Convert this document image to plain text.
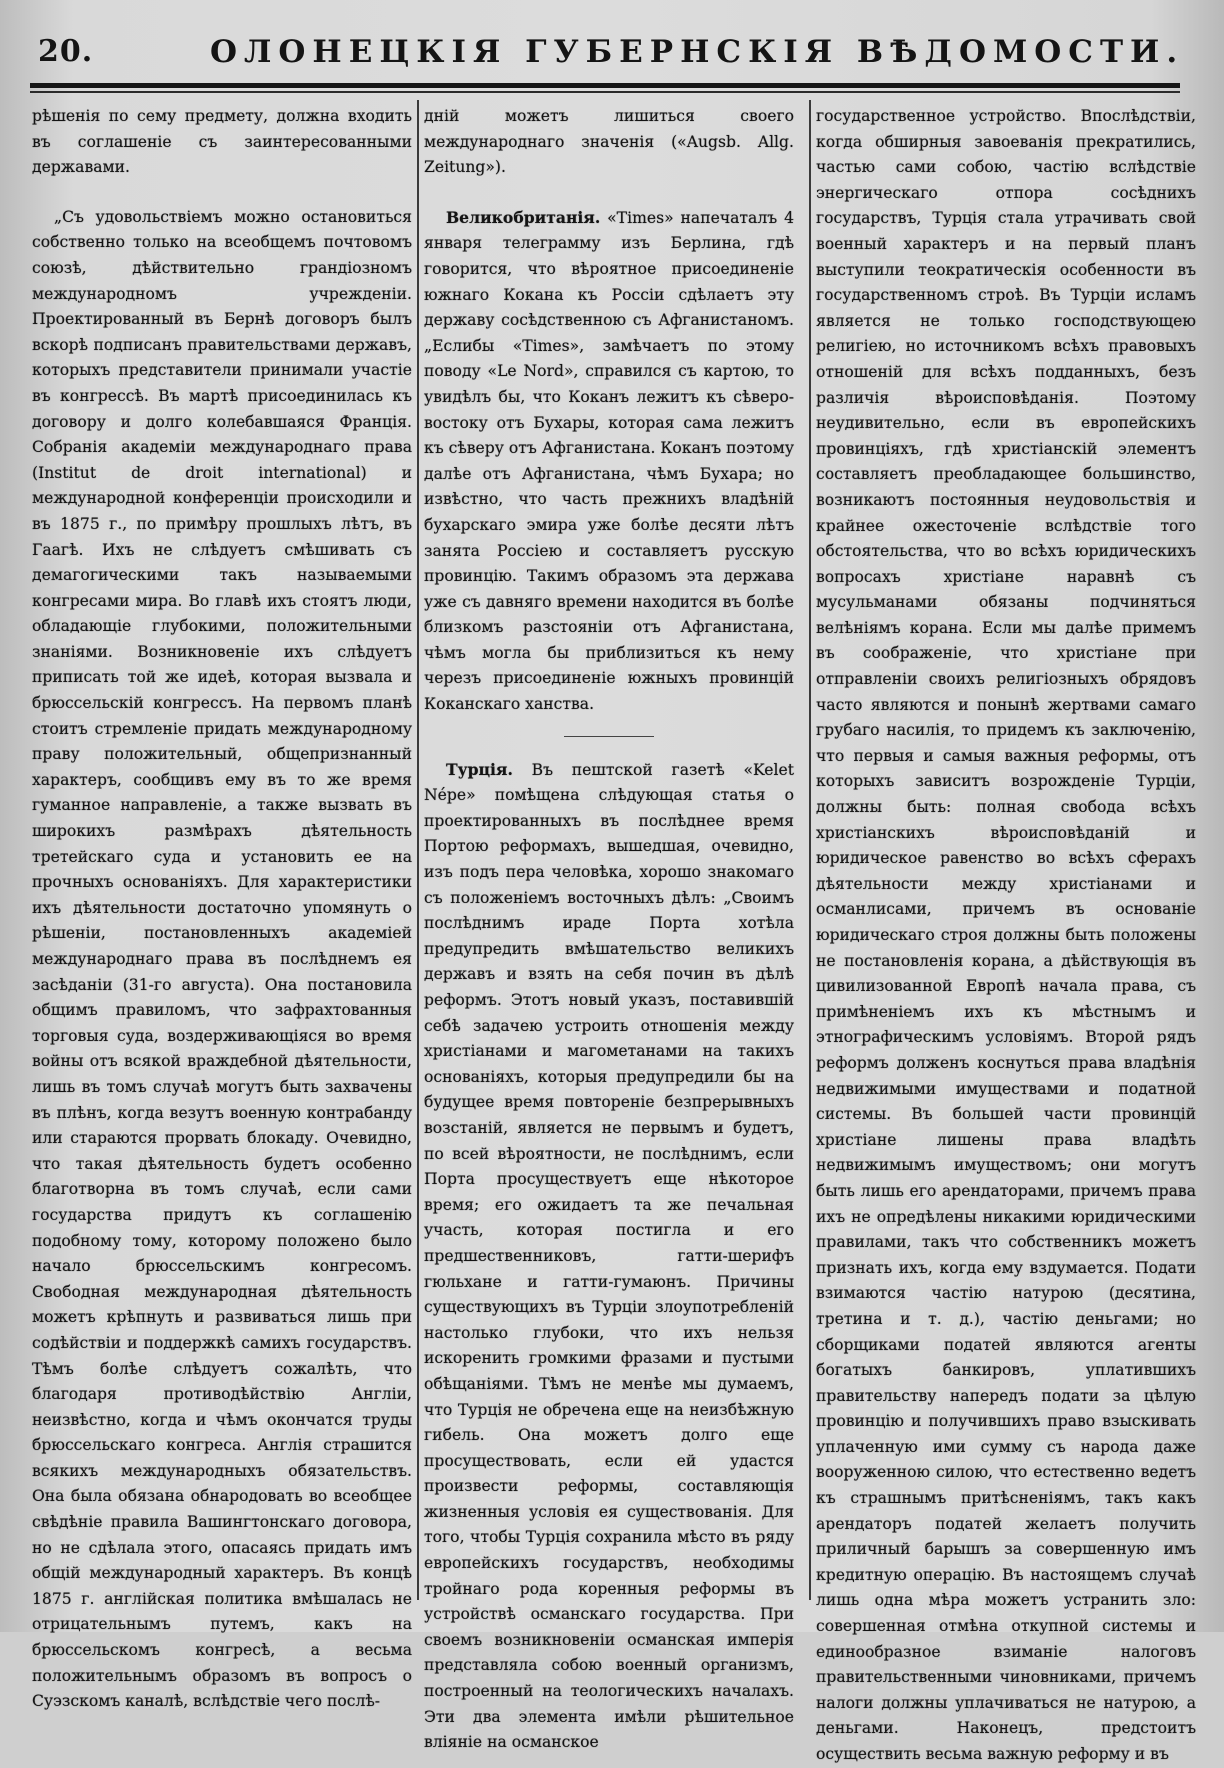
20.	ОЛОНЕЦКІЯ ГУБЕРНСКІЯ ВѢДОМОСТИ.

рѣшенія по сему предмету, должна входить въ соглашеніе съ заинтересованными державами.

„Съ удовольствіемъ можно остановиться собственно только на всеобщемъ почтовомъ союзѣ, дѣйствительно грандіозномъ международномъ учрежденіи. Проектированный въ Бернѣ договоръ былъ вскорѣ подписанъ правительствами державъ, которыхъ представители принимали участіе въ конгрессѣ. Въ мартѣ присоединилась къ договору и долго колебавшаяся Франція. Собранія академіи международнаго права (Institut de droit international) и международной конференціи происходили и въ 1875 г., по примѣру прошлыхъ лѣтъ, въ Гаагѣ. Ихъ не слѣдуетъ смѣшивать съ демагогическими такъ называемыми конгресами мира. Во главѣ ихъ стоятъ люди, обладающіе глубокими, положительными знаніями. Возникновеніе ихъ слѣдуетъ приписать той же идеѣ, которая вызвала и брюссельскій конгрессъ. На первомъ планѣ стоитъ стремленіе придать международному праву положительный, общепризнанный характеръ, сообщивъ ему въ то же время гуманное направленіе, а также вызвать въ широкихъ размѣрахъ дѣятельность третейскаго суда и установить ее на прочныхъ основаніяхъ. Для характеристики ихъ дѣятельности достаточно упомянуть о рѣшеніи, постановленныхъ академіей международнаго права въ послѣднемъ ея засѣданіи (31-го августа). Она постановила общимъ правиломъ, что зафрахтованныя торговыя суда, воздерживающіяся во время войны отъ всякой враждебной дѣятельности, лишь въ томъ случаѣ могутъ быть захвачены въ плѣнъ, когда везутъ военную контрабанду или стараются прорвать блокаду. Очевидно, что такая дѣятельность будетъ особенно благотворна въ томъ случаѣ, если сами государства придутъ къ соглашенію подобному тому, которому положено было начало брюссельскимъ конгресомъ. Свободная международная дѣятельность можетъ крѣпнуть и развиваться лишь при содѣйствіи и поддержкѣ самихъ государствъ. Тѣмъ болѣе слѣдуетъ сожалѣть, что благодаря противодѣйствію Англіи, неизвѣстно, когда и чѣмъ окончатся труды брюссельскаго конгреса. Англія страшится всякихъ международныхъ обязательствъ. Она была обязана обнародовать во всеобщее свѣдѣніе правила Вашингтонскаго договора, но не сдѣлала этого, опасаясь придать имъ общій международный характеръ. Въ концѣ 1875 г. англійская политика вмѣшалась не отрицательнымъ путемъ, какъ на брюссельскомъ конгресѣ, а весьма положительнымъ образомъ въ вопросъ о Суэзскомъ каналѣ, вслѣдствіе чего послѣ-

дній можетъ лишиться своего международнаго значенія («Augsb. Allg. Zeitung»).

Великобританія. «Times» напечаталъ 4 января телеграмму изъ Берлина, гдѣ говорится, что вѣроятное присоединеніе южнаго Кокана къ Россіи сдѣлаетъ эту державу сосѣдственною съ Афганистаномъ. „Еслибы «Times», замѣчаетъ по этому поводу «Le Nord», справился съ картою, то увидѣлъ бы, что Коканъ лежитъ къ сѣверо-востоку отъ Бухары, которая сама лежитъ къ сѣверу отъ Афганистана. Коканъ поэтому далѣе отъ Афганистана, чѣмъ Бухара; но извѣстно, что часть прежнихъ владѣній бухарскаго эмира уже болѣе десяти лѣтъ занята Россіею и составляетъ русскую провинцію. Такимъ образомъ эта держава уже съ давняго времени находится въ болѣе близкомъ разстояніи отъ Афганистана, чѣмъ могла бы приблизиться къ нему черезъ присоединеніе южныхъ провинцій Коканскаго ханства.

Турція. Въ пештской газетѣ «Kelet Népe» помѣщена слѣдующая статья о проектированныхъ въ послѣднее время Портою реформахъ, вышедшая, очевидно, изъ подъ пера человѣка, хорошо знакомаго съ положеніемъ восточныхъ дѣлъ: „Своимъ послѣднимъ ираде Порта хотѣла предупредить вмѣшательство великихъ державъ и взять на себя почин въ дѣлѣ реформъ. Этотъ новый указъ, поставившій себѣ задачею устроить отношенія между христіанами и магометанами на такихъ основаніяхъ, которыя предупредили бы на будущее время повтореніе безпрерывныхъ возстаній, является не первымъ и будетъ, по всей вѣроятности, не послѣднимъ, если Порта просуществуетъ еще нѣкоторое время; его ожидаетъ та же печальная участь, которая постигла и его предшественниковъ, гатти-шерифъ гюльхане и гатти-гумаюнъ. Причины существующихъ въ Турціи злоупотребленій настолько глубоки, что ихъ нельзя искоренить громкими фразами и пустыми обѣщаніями. Тѣмъ не менѣе мы думаемъ, что Турція не обречена еще на неизбѣжную гибель. Она можетъ долго еще просуществовать, если ей удастся произвести реформы, составляющія жизненныя условія ея существованія. Для того, чтобы Турція сохранила мѣсто въ ряду европейскихъ государствъ, необходимы тройнаго рода коренныя реформы въ устройствѣ османскаго государства. При своемъ возникновеніи османская имперія представляла собою военный организмъ, построенный на теологическихъ началахъ. Эти два элемента имѣли рѣшительное вліяніе на османское

государственное устройство. Впослѣдствіи, когда обширныя завоеванія прекратились, частью сами собою, частію вслѣдствіе энергическаго отпора сосѣднихъ государствъ, Турція стала утрачивать свой военный характеръ и на первый планъ выступили теократическія особенности въ государственномъ строѣ. Въ Турціи исламъ является не только господствующею религіею, но источникомъ всѣхъ правовыхъ отношеній для всѣхъ подданныхъ, безъ различія вѣроисповѣданія. Поэтому неудивительно, если въ европейскихъ провинціяхъ, гдѣ христіанскій элементъ составляетъ преобладающее большинство, возникаютъ постоянныя неудовольствія и крайнее ожесточеніе вслѣдствіе того обстоятельства, что во всѣхъ юридическихъ вопросахъ христіане наравнѣ съ мусульманами обязаны подчиняться велѣніямъ корана. Если мы далѣе примемъ въ соображеніе, что христіане при отправленіи своихъ религіозныхъ обрядовъ часто являются и понынѣ жертвами самаго грубаго насилія, то придемъ къ заключенію, что первыя и самыя важныя реформы, отъ которыхъ зависитъ возрожденіе Турціи, должны быть: полная свобода всѣхъ христіанскихъ вѣроисповѣданій и юридическое равенство во всѣхъ сферахъ дѣятельности между христіанами и османлисами, причемъ въ основаніе юридическаго строя должны быть положены не постановленія корана, а дѣйствующія въ цивилизованной Европѣ начала права, съ примѣненіемъ ихъ къ мѣстнымъ и этнографическимъ условіямъ. Второй рядъ реформъ долженъ коснуться права владѣнія недвижимыми имуществами и податной системы. Въ большей части провинцій христіане лишены права владѣть недвижимымъ имуществомъ; они могутъ быть лишь его арендаторами, причемъ права ихъ не опредѣлены никакими юридическими правилами, такъ что собственникъ можетъ признать ихъ, когда ему вздумается. Подати взимаются частію натурою (десятина, третина и т. д.), частію деньгами; но сборщиками податей являются агенты богатыхъ банкировъ, уплатившихъ правительству напередъ подати за цѣлую провинцію и получившихъ право взыскивать уплаченную ими сумму съ народа даже вооруженною силою, что естественно ведетъ къ страшнымъ притѣсненіямъ, такъ какъ арендаторъ податей желаетъ получить приличный барышъ за совершенную имъ кредитную операцію. Въ настоящемъ случаѣ лишь одна мѣра можетъ устранить зло: совершенная отмѣна откупной системы и единообразное взиманіе налоговъ правительственными чиновниками, причемъ налоги должны уплачиваться не натурою, а деньгами. Наконецъ, предстоитъ осуществить весьма важную реформу и въ
